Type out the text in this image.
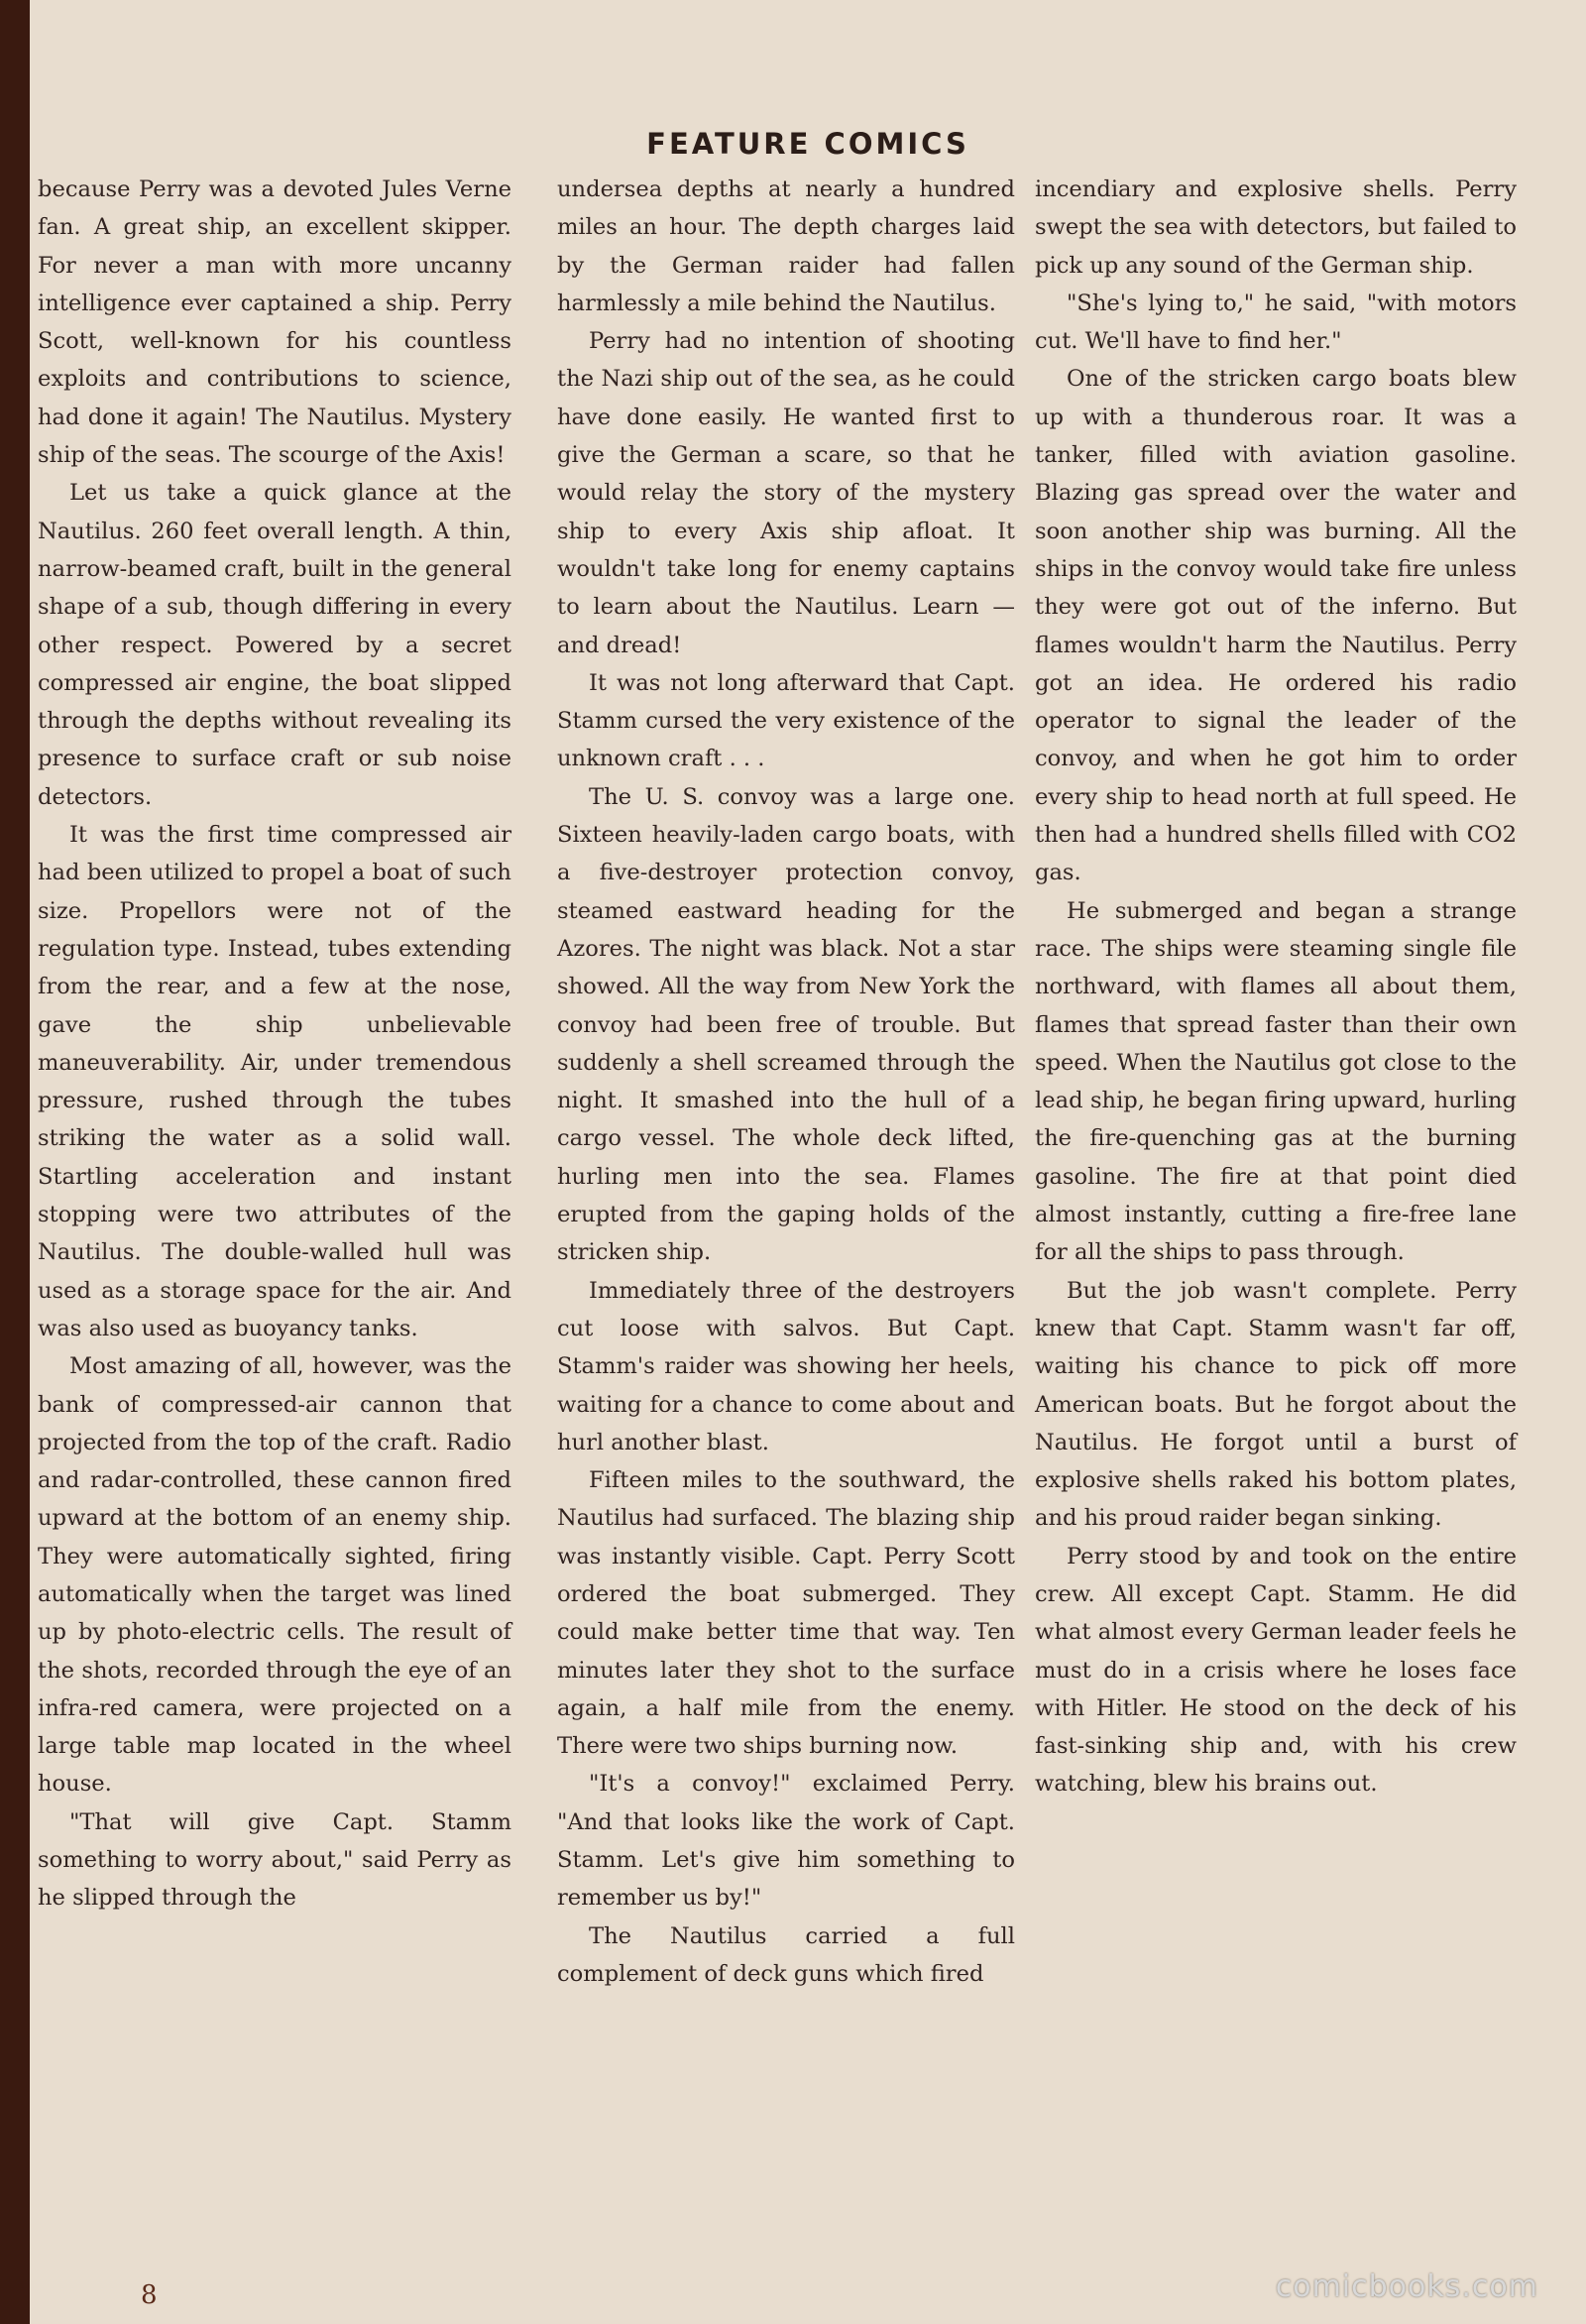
FEATURE COMICS

because Perry was a devoted Jules Verne fan. A great ship, an excellent skipper. For never a man with more uncanny intelligence ever captained a ship. Perry Scott, well-known for his countless exploits and contributions to science, had done it again! The Nautilus. Mystery ship of the seas. The scourge of the Axis!

Let us take a quick glance at the Nautilus. 260 feet overall length. A thin, narrow-beamed craft, built in the general shape of a sub, though differing in every other respect. Powered by a secret compressed air engine, the boat slipped through the depths without revealing its presence to surface craft or sub noise detectors.

It was the first time compressed air had been utilized to propel a boat of such size. Propellors were not of the regulation type. Instead, tubes extending from the rear, and a few at the nose, gave the ship unbelievable maneuverability. Air, under tremendous pressure, rushed through the tubes striking the water as a solid wall. Startling acceleration and instant stopping were two attributes of the Nautilus. The double-walled hull was used as a storage space for the air. And was also used as buoyancy tanks.

Most amazing of all, however, was the bank of compressed-air cannon that projected from the top of the craft. Radio and radar-controlled, these cannon fired upward at the bottom of an enemy ship. They were automatically sighted, firing automatically when the target was lined up by photo-electric cells. The result of the shots, recorded through the eye of an infra-red camera, were projected on a large table map located in the wheel house.

"That will give Capt. Stamm something to worry about," said Perry as he slipped through the

undersea depths at nearly a hundred miles an hour. The depth charges laid by the German raider had fallen harmlessly a mile behind the Nautilus.

Perry had no intention of shooting the Nazi ship out of the sea, as he could have done easily. He wanted first to give the German a scare, so that he would relay the story of the mystery ship to every Axis ship afloat. It wouldn't take long for enemy captains to learn about the Nautilus. Learn —and dread!

It was not long afterward that Capt. Stamm cursed the very existence of the unknown craft . . .

The U. S. convoy was a large one. Sixteen heavily-laden cargo boats, with a five-destroyer protection convoy, steamed eastward heading for the Azores. The night was black. Not a star showed. All the way from New York the convoy had been free of trouble. But suddenly a shell screamed through the night. It smashed into the hull of a cargo vessel. The whole deck lifted, hurling men into the sea. Flames erupted from the gaping holds of the stricken ship.

Immediately three of the destroyers cut loose with salvos. But Capt. Stamm's raider was showing her heels, waiting for a chance to come about and hurl another blast.

Fifteen miles to the southward, the Nautilus had surfaced. The blazing ship was instantly visible. Capt. Perry Scott ordered the boat submerged. They could make better time that way. Ten minutes later they shot to the surface again, a half mile from the enemy. There were two ships burning now.

"It's a convoy!" exclaimed Perry. "And that looks like the work of Capt. Stamm. Let's give him something to remember us by!"

The Nautilus carried a full complement of deck guns which fired

incendiary and explosive shells. Perry swept the sea with detectors, but failed to pick up any sound of the German ship.

"She's lying to," he said, "with motors cut. We'll have to find her."

One of the stricken cargo boats blew up with a thunderous roar. It was a tanker, filled with aviation gasoline. Blazing gas spread over the water and soon another ship was burning. All the ships in the convoy would take fire unless they were got out of the inferno. But flames wouldn't harm the Nautilus. Perry got an idea. He ordered his radio operator to signal the leader of the convoy, and when he got him to order every ship to head north at full speed. He then had a hundred shells filled with CO2 gas.

He submerged and began a strange race. The ships were steaming single file northward, with flames all about them, flames that spread faster than their own speed. When the Nautilus got close to the lead ship, he began firing upward, hurling the fire-quenching gas at the burning gasoline. The fire at that point died almost instantly, cutting a fire-free lane for all the ships to pass through.

But the job wasn't complete. Perry knew that Capt. Stamm wasn't far off, waiting his chance to pick off more American boats. But he forgot about the Nautilus. He forgot until a burst of explosive shells raked his bottom plates, and his proud raider began sinking.

Perry stood by and took on the entire crew. All except Capt. Stamm. He did what almost every German leader feels he must do in a crisis where he loses face with Hitler. He stood on the deck of his fast-sinking ship and, with his crew watching, blew his brains out.

8	comicbooks.com
